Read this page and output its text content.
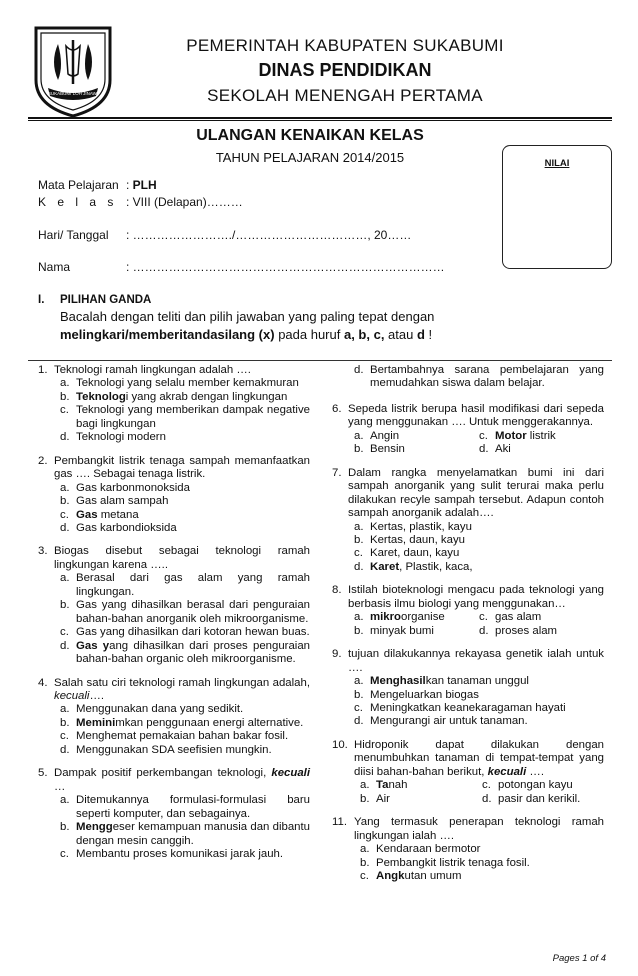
SUKABUMI LOH JINAWI
PEMERINTAH KABUPATEN SUKABUMI
DINAS PENDIDIKAN
SEKOLAH MENENGAH PERTAMA
ULANGAN KENAIKAN KELAS
TAHUN PELAJARAN 2014/2015	NILAI
Mata Pelajaran : PLH
K e l a s : VIII (Delapan)………
Hari/ Tanggal : ……………………./……………………………, 20……
Nama	: ……………………………………………………………………
I. PILIHAN GANDA
Bacalah dengan teliti dan pilih jawaban yang paling tepat dengan
melingkari/memberitandasilang (x) pada huruf a, b, c, atau d !
1. Teknologi ramah lingkungan adalah ….
a. Teknologi yang selalu member kemakmuran
b. Teknologi yang akrab dengan lingkungan
c. Teknologi yang memberikan dampak negative bagi lingkungan
d. Teknologi modern
2. Pembangkit listrik tenaga sampah memanfaatkan gas …. Sebagai tenaga listrik.
a. Gas karbonmonoksida
b. Gas alam sampah
c. Gas metana
d. Gas karbondioksida
3. Biogas disebut sebagai teknologi ramah lingkungan karena …..
a. Berasal dari gas alam yang ramah lingkungan.
b. Gas yang dihasilkan berasal dari penguraian bahan-bahan anorganik oleh mikroorganisme.
c. Gas yang dihasilkan dari kotoran hewan buas.
d. Gas yang dihasilkan dari proses penguraian bahan-bahan organic oleh mikroorganisme.
4. Salah satu ciri teknologi ramah lingkungan adalah, kecuali….
a. Menggunakan dana yang sedikit.
b. Meminimkan penggunaan energi alternative.
c. Menghemat pemakaian bahan bakar fosil.
d. Menggunakan SDA seefisien mungkin.
5. Dampak positif perkembangan teknologi, kecuali …
a. Ditemukannya formulasi-formulasi baru seperti komputer, dan sebagainya.
b. Menggeser kemampuan manusia dan dibantu dengan mesin canggih.
c. Membantu proses komunikasi jarak jauh.
d. Bertambahnya sarana pembelajaran yang memudahkan siswa dalam belajar.
6. Sepeda listrik berupa hasil modifikasi dari sepeda yang menggunakan …. Untuk menggerakannya.
a. Angin	c. Motor listrik
b. Bensin	d. Aki
7. Dalam rangka menyelamatkan bumi ini dari sampah anorganik yang sulit terurai maka perlu dilakukan recyle sampah tersebut. Adapun contoh sampah anorganik adalah….
a. Kertas, plastik, kayu
b. Kertas, daun, kayu
c. Karet, daun, kayu
d. Karet, Plastik, kaca,
8. Istilah bioteknologi mengacu pada teknologi yang berbasis ilmu biologi yang menggunakan…
a. mikroorganise	c. gas alam
b. minyak bumi	d. proses alam
9. tujuan dilakukannya rekayasa genetik ialah untuk ….
a. Menghasilkan tanaman unggul
b. Mengeluarkan biogas
c. Meningkatkan keanekaragaman hayati
d. Mengurangi air untuk tanaman.
10. Hidroponik dapat dilakukan dengan menumbuhkan tanaman di tempat-tempat yang diisi bahan-bahan berikut, kecuali ….
a. Tanah	c. potongan kayu
b. Air	d. pasir dan kerikil.
11. Yang termasuk penerapan teknologi ramah lingkungan ialah ….
a. Kendaraan bermotor
b. Pembangkit listrik tenaga fosil.
c. Angkutan umum
Pages 1 of 4
